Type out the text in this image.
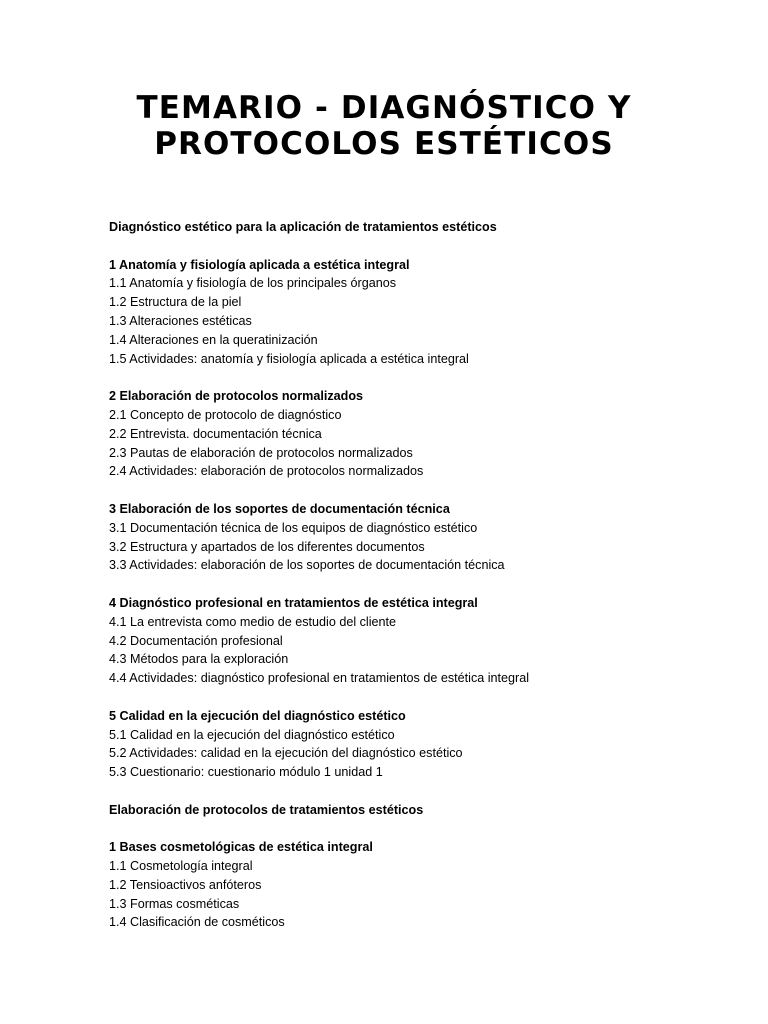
TEMARIO - DIAGNÓSTICO Y
PROTOCOLOS ESTÉTICOS
Diagnóstico estético para la aplicación de tratamientos estéticos
1 Anatomía y fisiología aplicada a estética integral
1.1 Anatomía y fisiología de los principales órganos
1.2 Estructura de la piel
1.3 Alteraciones estéticas
1.4 Alteraciones en la queratinización
1.5 Actividades: anatomía y fisiología aplicada a estética integral
2 Elaboración de protocolos normalizados
2.1 Concepto de protocolo de diagnóstico
2.2 Entrevista. documentación técnica
2.3 Pautas de elaboración de protocolos normalizados
2.4 Actividades: elaboración de protocolos normalizados
3 Elaboración de los soportes de documentación técnica
3.1 Documentación técnica de los equipos de diagnóstico estético
3.2 Estructura y apartados de los diferentes documentos
3.3 Actividades: elaboración de los soportes de documentación técnica
4 Diagnóstico profesional en tratamientos de estética integral
4.1 La entrevista como medio de estudio del cliente
4.2 Documentación profesional
4.3 Métodos para la exploración
4.4 Actividades: diagnóstico profesional en tratamientos de estética integral
5 Calidad en la ejecución del diagnóstico estético
5.1 Calidad en la ejecución del diagnóstico estético
5.2 Actividades: calidad en la ejecución del diagnóstico estético
5.3 Cuestionario: cuestionario módulo 1 unidad 1
Elaboración de protocolos de tratamientos estéticos
1 Bases cosmetológicas de estética integral
1.1 Cosmetología integral
1.2 Tensioactivos anfóteros
1.3 Formas cosméticas
1.4 Clasificación de cosméticos
